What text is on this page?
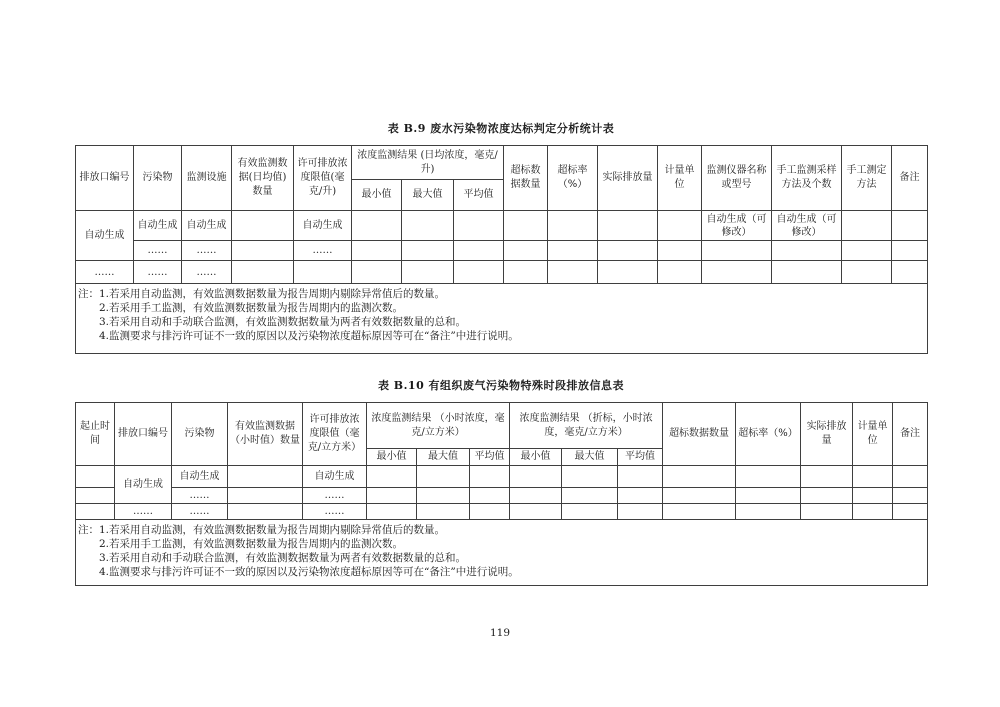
表 B.9 废水污染物浓度达标判定分析统计表
排放口编号	污染物	监测设施	有效监测数据(日均值)数量	许可排放浓度限值(毫克/升)	浓度监测结果 (日均浓度，毫克/升)			超标数据数量	超标率（%）	实际排放量	计量单位	监测仪器名称或型号	手工监测采样方法及个数	手工测定方法	备注
					最小值	最大值	平均值								
自动生成	自动生成	自动生成		自动生成								自动生成（可修改）	自动生成（可修改）		
	……	……		……											
……	……	……													

注： 1.若采用自动监测，有效监测数据数量为报告周期内剔除异常值后的数量。
2.若采用手工监测，有效监测数据数量为报告周期内的监测次数。
3.若采用自动和手动联合监测，有效监测数据数量为两者有效数据数量的总和。
4.监测要求与排污许可证不一致的原因以及污染物浓度超标原因等可在“备注”中进行说明。															
表 B.10 有组织废气污染物特殊时段排放信息表
起止时间	排放口编号	污染物	有效监测数据（小时值）数量	许可排放浓度限值（毫克/立方米）	浓度监测结果 （小时浓度，毫克/立方米）			浓度监测结果 （折标，小时浓度，毫克/立方米）			超标数据数量	超标率（%）	实际排放量	计量单位	备注
					最小值	最大值	平均值	最小值	最大值	平均值					
	自动生成	自动生成		自动生成											
		……		……											
	……	……		……											

注： 1.若采用自动监测，有效监测数据数量为报告周期内剔除异常值后的数量。
2.若采用手工监测，有效监测数据数量为报告周期内的监测次数。
3.若采用自动和手动联合监测，有效监测数据数量为两者有效数据数量的总和。
4.监测要求与排污许可证不一致的原因以及污染物浓度超标原因等可在“备注”中进行说明。															
119
